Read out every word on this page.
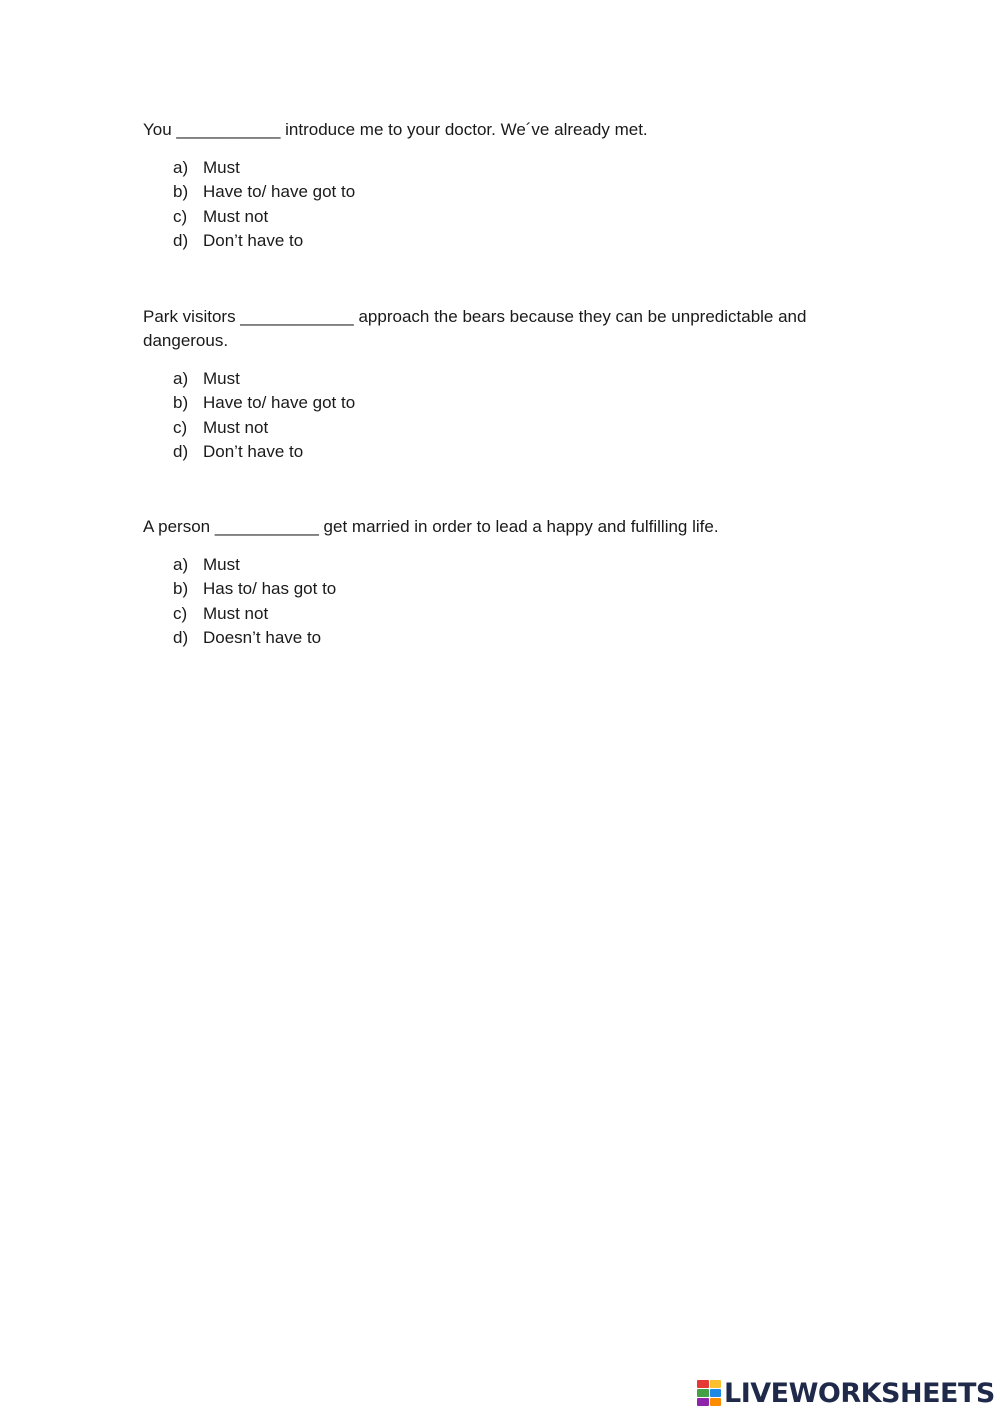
You ___________ introduce me to your doctor. We´ve already met.

a) Must
b) Have to/ have got to
c) Must not
d) Don’t have to

Park visitors ____________ approach the bears because they can be unpredictable and dangerous.

a) Must
b) Have to/ have got to
c) Must not
d) Don’t have to

A person ___________ get married in order to lead a happy and fulfilling life.

a) Must
b) Has to/ has got to
c) Must not
d) Doesn’t have to
LIVEWORKSHEETS
